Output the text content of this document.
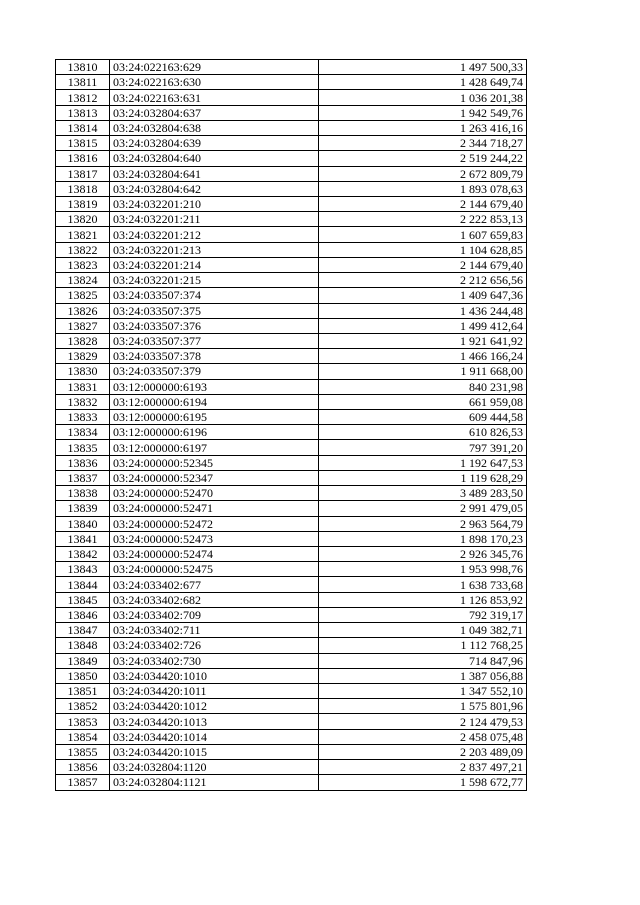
13810	03:24:022163:629	1 497 500,33
13811	03:24:022163:630	1 428 649,74
13812	03:24:022163:631	1 036 201,38
13813	03:24:032804:637	1 942 549,76
13814	03:24:032804:638	1 263 416,16
13815	03:24:032804:639	2 344 718,27
13816	03:24:032804:640	2 519 244,22
13817	03:24:032804:641	2 672 809,79
13818	03:24:032804:642	1 893 078,63
13819	03:24:032201:210	2 144 679,40
13820	03:24:032201:211	2 222 853,13
13821	03:24:032201:212	1 607 659,83
13822	03:24:032201:213	1 104 628,85
13823	03:24:032201:214	2 144 679,40
13824	03:24:032201:215	2 212 656,56
13825	03:24:033507:374	1 409 647,36
13826	03:24:033507:375	1 436 244,48
13827	03:24:033507:376	1 499 412,64
13828	03:24:033507:377	1 921 641,92
13829	03:24:033507:378	1 466 166,24
13830	03:24:033507:379	1 911 668,00
13831	03:12:000000:6193	840 231,98
13832	03:12:000000:6194	661 959,08
13833	03:12:000000:6195	609 444,58
13834	03:12:000000:6196	610 826,53
13835	03:12:000000:6197	797 391,20
13836	03:24:000000:52345	1 192 647,53
13837	03:24:000000:52347	1 119 628,29
13838	03:24:000000:52470	3 489 283,50
13839	03:24:000000:52471	2 991 479,05
13840	03:24:000000:52472	2 963 564,79
13841	03:24:000000:52473	1 898 170,23
13842	03:24:000000:52474	2 926 345,76
13843	03:24:000000:52475	1 953 998,76
13844	03:24:033402:677	1 638 733,68
13845	03:24:033402:682	1 126 853,92
13846	03:24:033402:709	792 319,17
13847	03:24:033402:711	1 049 382,71
13848	03:24:033402:726	1 112 768,25
13849	03:24:033402:730	714 847,96
13850	03:24:034420:1010	1 387 056,88
13851	03:24:034420:1011	1 347 552,10
13852	03:24:034420:1012	1 575 801,96
13853	03:24:034420:1013	2 124 479,53
13854	03:24:034420:1014	2 458 075,48
13855	03:24:034420:1015	2 203 489,09
13856	03:24:032804:1120	2 837 497,21
13857	03:24:032804:1121	1 598 672,77
